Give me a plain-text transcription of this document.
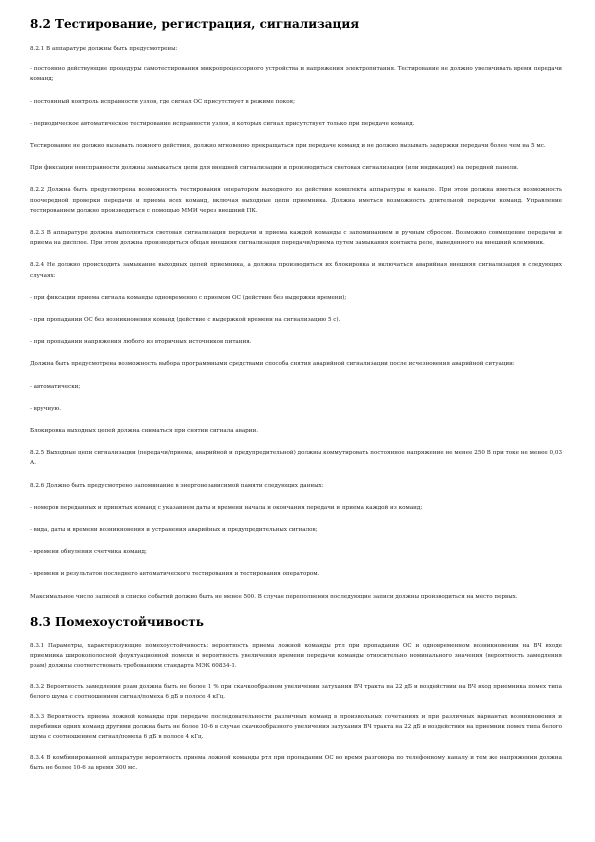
8.2 Тестирование, регистрация, сигнализация

8.2.1 В аппаратуре должны быть предусмотрены:

- постоянно действующие процедуры самотестирования микропроцессорного устройства и напряжения электропитания. Тестирование не должно увеличивать время передачи команд;

- постоянный контроль исправности узлов, где сигнал ОС присутствует в режиме покоя;

- периодическое автоматическое тестирование исправности узлов, в которых сигнал присутствует только при передаче команд.

Тестирование не должно вызывать ложного действия, должно мгновенно прекращаться при передаче команд и не должно вызывать задержки передачи более чем на 5 мс.

При фиксации неисправности должны замыкаться цепи для внешней сигнализации и производиться световая сигнализация (или индикация) на передней панели.

8.2.2 Должна быть предусмотрена возможность тестирования оператором выходного из действия комплекта аппаратуры в канале. При этом должна иметься возможность поочередной проверки передачи и приема всех команд, включая выходные цепи приемника. Должна иметься возможность длительной передачи команд. Управление тестированием должно производиться с помощью ММИ через внешний ПК.

8.2.3 В аппаратуре должна выполняться световая сигнализация передачи и приема каждой команды с запоминанием и ручным сбросом. Возможно совмещение передачи и приема на дисплее. При этом должна производиться общая внешняя сигнализация передачи/приема путем замыкания контакта реле, выведенного на внешний клеммник.

8.2.4 Не должно происходить замыкание выходных цепей приемника, а должна производиться их блокировка и включаться аварийная внешняя сигнализация в следующих случаях:

- при фиксации приема сигнала команды одновременно с приемом ОС (действие без выдержки времени);

- при пропадании ОС без возникновения команд (действие с выдержкой времени на сигнализацию 5 с).

- при пропадании напряжения любого из вторичных источников питания.

Должна быть предусмотрена возможность выбора программными средствами способа снятия аварийной сигнализации после исчезновения аварийной ситуации:

- автоматически;

- вручную.

Блокировка выходных цепей должна сниматься при снятии сигнала аварии.

8.2.5 Выходные цепи сигнализации (передачи/приема, аварийной и предупредительной) должны коммутировать постоянное напряжение не менее 250 В при токе не менее 0,03 А.

8.2.6 Должно быть предусмотрено запоминание в энергонезависимой памяти следующих данных:

- номеров переданных и принятых команд с указанием даты и времени начала и окончания передачи и приема каждой из команд;

- вида, даты и времени возникновения и устранения аварийных и предупредительных сигналов;

- времени обнуления счетчика команд;

- времени и результатов последнего автоматического тестирования и тестирования оператором.

Максимальное число записей в списке событий должно быть не менее 500. В случае переполнения последующие записи должны производиться на место первых.

8.3 Помехоустойчивость

8.3.1 Параметры, характеризующие помехоустойчивость: вероятность приема ложной команды ртл при пропадании ОС и одновременном возникновении на ВЧ входе приемника широкополосной флуктуационной помехи и вероятность увеличения времени передачи команды относительно номинального значения (вероятность замедления рзам) должны соответствовать требованиям стандарта МЭК 60834-1.

8.3.2 Вероятность замедления рзам должна быть не более 1 % при скачкообразном увеличении затухания ВЧ тракта на 22 дБ и воздействии на ВЧ вход приемника помех типа белого шума с соотношением сигнал/помеха 6 дБ в полосе 4 кГц.

8.3.3 Вероятность приема ложной команды при передаче последовательности различных команд в произвольных сочетаниях и при различных вариантах возникновения и перебивки одних команд другими должна быть не более 10-6 в случае скачкообразного увеличения затухания ВЧ тракта на 22 дБ и воздействия на приемник помех типа белого шума с соотношением сигнал/помеха 6 дБ в полосе 4 кГц.

8.3.4 В комбинированной аппаратуре вероятность приема ложной команды ртл при пропадании ОС во время разговора по телефонному каналу и тем же напряжении должна быть не более 10-6 за время 300 мс.
